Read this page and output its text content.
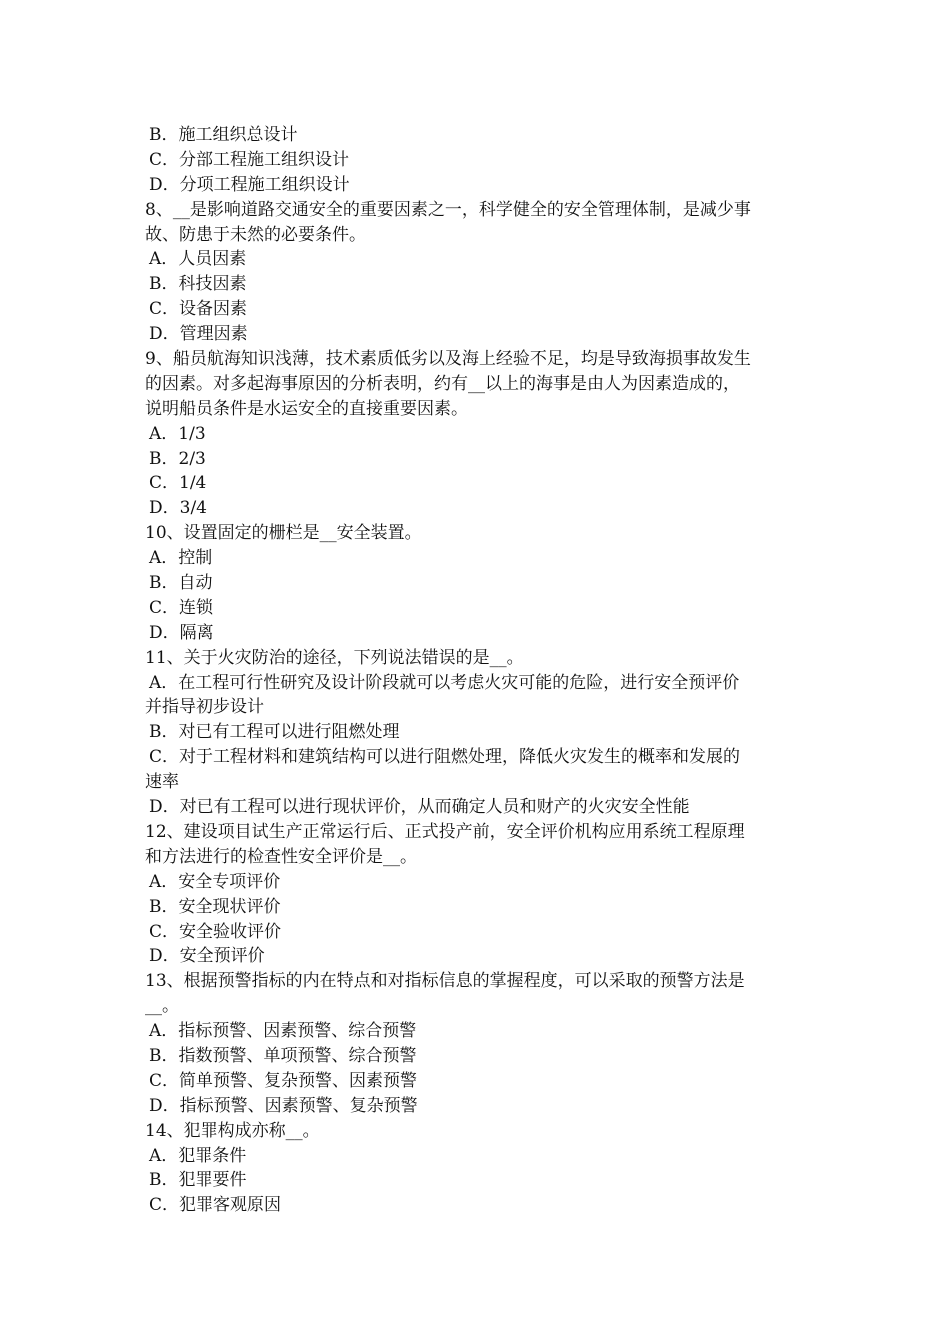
B．施工组织总设计
C．分部工程施工组织设计
D．分项工程施工组织设计
8、__是影响道路交通安全的重要因素之一，科学健全的安全管理体制，是减少事
故、防患于未然的必要条件。
A．人员因素
B．科技因素
C．设备因素
D．管理因素
9、船员航海知识浅薄，技术素质低劣以及海上经验不足，均是导致海损事故发生
的因素。对多起海事原因的分析表明，约有__以上的海事是由人为因素造成的，
说明船员条件是水运安全的直接重要因素。
A．1/3
B．2/3
C．1/4
D．3/4
10、设置固定的栅栏是__安全装置。
A．控制
B．自动
C．连锁
D．隔离
11、关于火灾防治的途径，下列说法错误的是__。
A．在工程可行性研究及设计阶段就可以考虑火灾可能的危险，进行安全预评价
并指导初步设计
B．对已有工程可以进行阻燃处理
C．对于工程材料和建筑结构可以进行阻燃处理，降低火灾发生的概率和发展的
速率
D．对已有工程可以进行现状评价，从而确定人员和财产的火灾安全性能
12、建设项目试生产正常运行后、正式投产前，安全评价机构应用系统工程原理
和方法进行的检查性安全评价是__。
A．安全专项评价
B．安全现状评价
C．安全验收评价
D．安全预评价
13、根据预警指标的内在特点和对指标信息的掌握程度，可以采取的预警方法是
__。
A．指标预警、因素预警、综合预警
B．指数预警、单项预警、综合预警
C．简单预警、复杂预警、因素预警
D．指标预警、因素预警、复杂预警
14、犯罪构成亦称__。
A．犯罪条件
B．犯罪要件
C．犯罪客观原因
